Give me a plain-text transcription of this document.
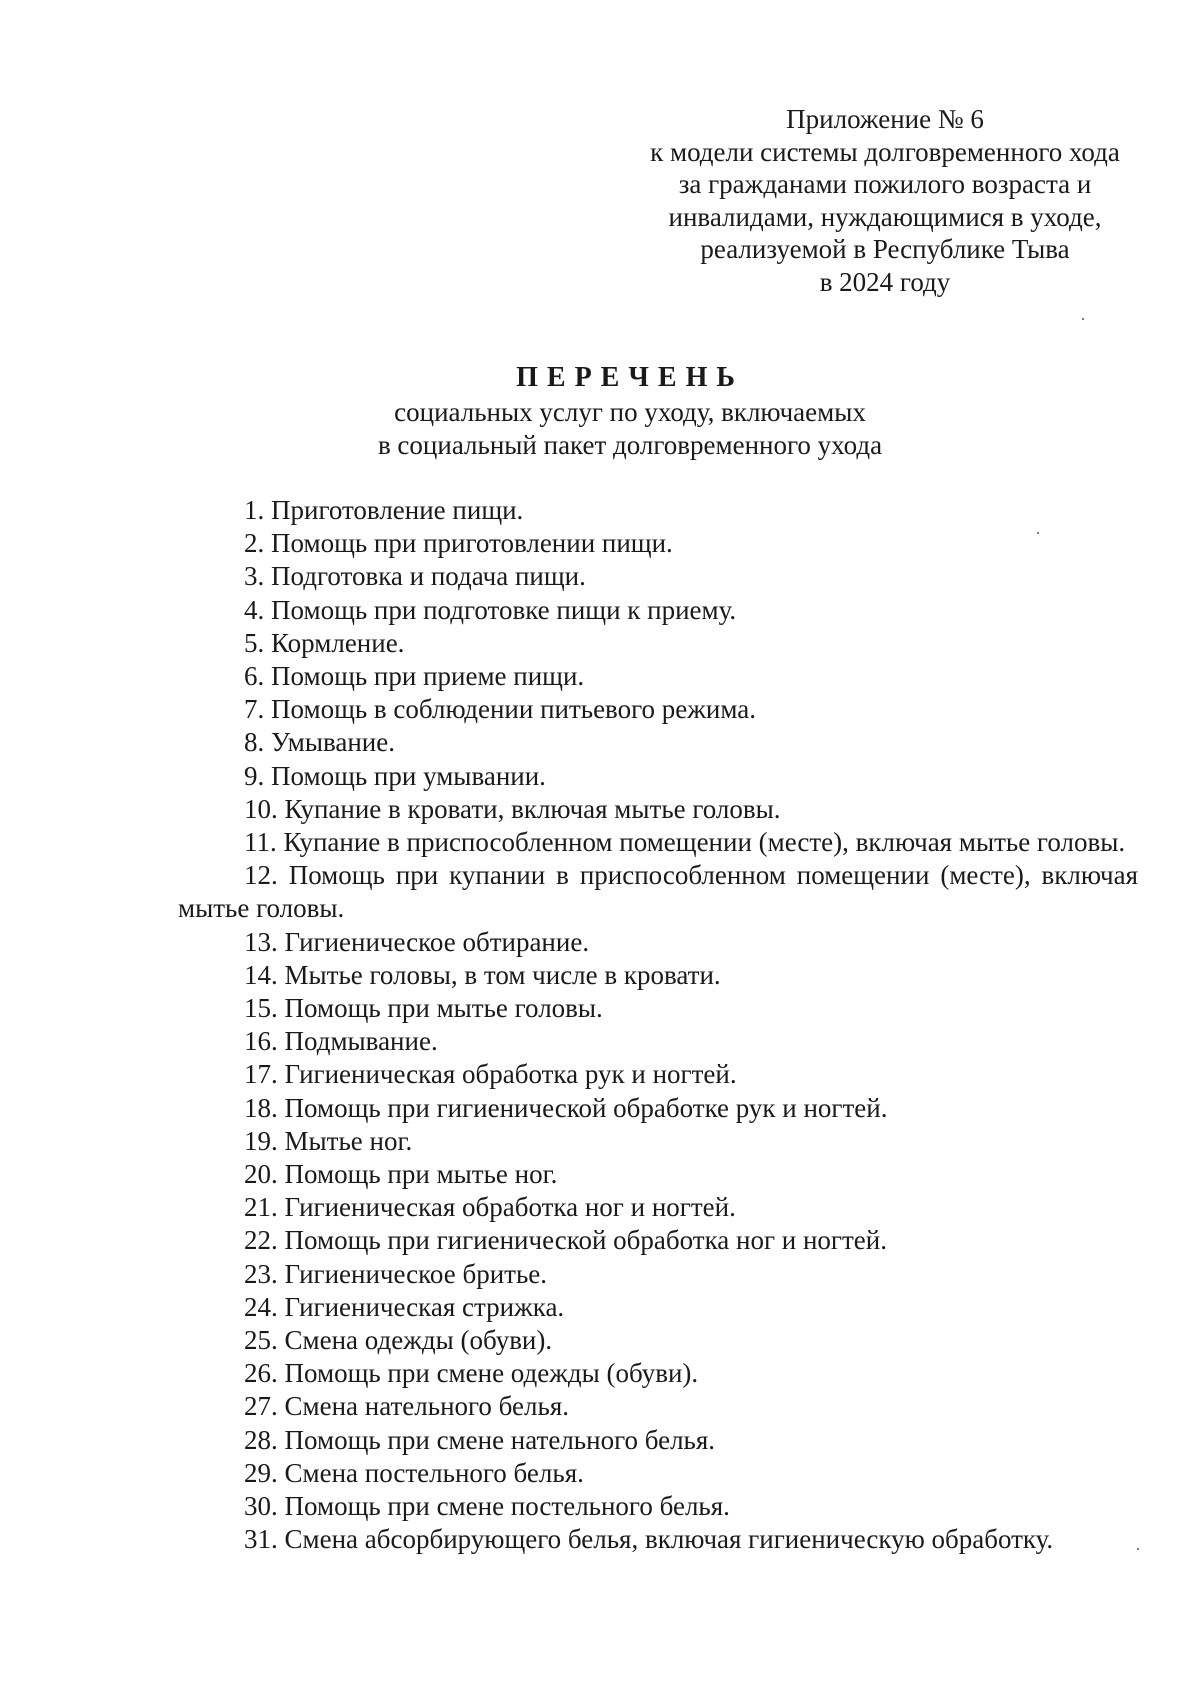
Приложение № 6
к модели системы долговременного хода
за гражданами пожилого возраста и
инвалидами, нуждающимися в уходе,
реализуемой в Республике Тыва
в 2024 году
ПЕРЕЧЕНЬ
социальных услуг по уходу, включаемых
в социальный пакет долговременного ухода
1. Приготовление пищи.
2. Помощь при приготовлении пищи.
3. Подготовка и подача пищи.
4. Помощь при подготовке пищи к приему.
5. Кормление.
6. Помощь при приеме пищи.
7. Помощь в соблюдении питьевого режима.
8. Умывание.
9. Помощь при умывании.
10. Купание в кровати, включая мытье головы.
11. Купание в приспособленном помещении (месте), включая мытье головы.
12. Помощь при купании в приспособленном помещении (месте), включая мытье головы.
13. Гигиеническое обтирание.
14. Мытье головы, в том числе в кровати.
15. Помощь при мытье головы.
16. Подмывание.
17. Гигиеническая обработка рук и ногтей.
18. Помощь при гигиенической обработке рук и ногтей.
19. Мытье ног.
20. Помощь при мытье ног.
21. Гигиеническая обработка ног и ногтей.
22. Помощь при гигиенической обработка ног и ногтей.
23. Гигиеническое бритье.
24. Гигиеническая стрижка.
25. Смена одежды (обуви).
26. Помощь при смене одежды (обуви).
27. Смена нательного белья.
28. Помощь при смене нательного белья.
29. Смена постельного белья.
30. Помощь при смене постельного белья.
31. Смена абсорбирующего белья, включая гигиеническую обработку.
